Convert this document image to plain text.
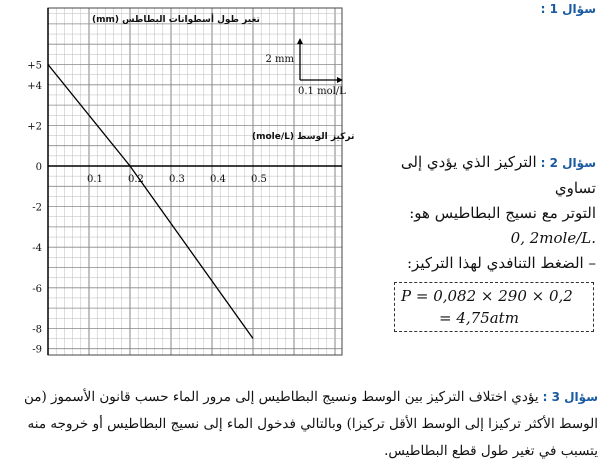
سؤال 1 :
0.1	0.2	0.3	0.4	0.5
+5
+4
+2
0
-2
-4
-6
-8
-9
2 mm
0.1 mol/L
(mm) تغير طول أسطوانات البطاطس
(mole/L) تركيز الوسط
سؤال 2 :التركيز الذي يؤدي إلى تساوي
التوتر مع نسيج البطاطيس هو:
0, 2mole/L.
– الضغط التنافدي لهذا التركيز:
P = 0,082 × 290 × 0,2
= 4,75atm
سؤال 3 :يؤدي اختلاف التركيز بين الوسط ونسيج البطاطيس إلى مرور الماء حسب قانون الأسموز (من الوسط الأكثر تركيزا إلى الوسط الأقل تركيزا) وبالتالي فدخول الماء إلى نسيج البطاطيس أو خروجه منه يتسبب في تغير طول قطع البطاطيس.
